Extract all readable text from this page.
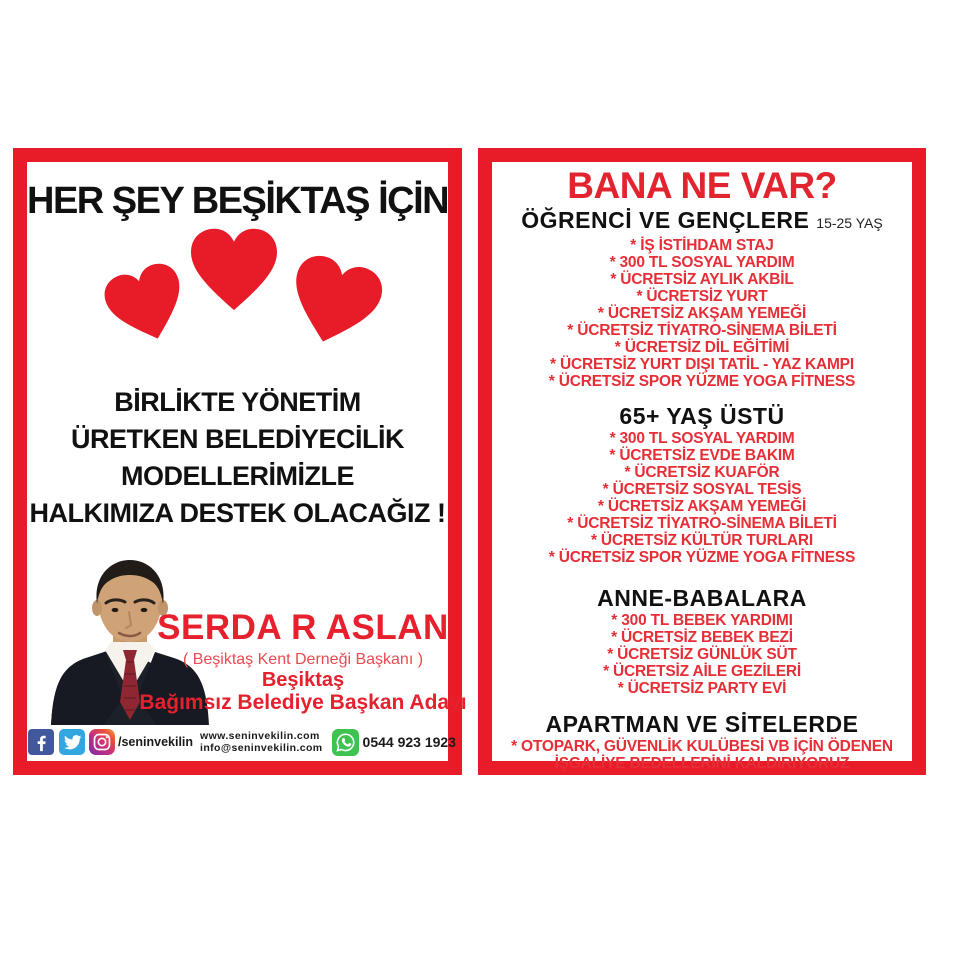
HER ŞEY BEŞİKTAŞ İÇİN
BİRLİKTE YÖNETİM
ÜRETKEN BELEDİYECİLİK
MODELLERİMİZLE
HALKIMIZA DESTEK OLACAĞIZ !
SERDA R ASLAN
( Beşiktaş Kent Derneği Başkanı )
Beşiktaş
Bağımsız Belediye Başkan Adayı
/seninvekilin www.seninvekilin.com
info@seninvekilin.com	0544 923 1923
BANA NE VAR?
ÖĞRENCİ VE GENÇLERE 15-25 YAŞ
* İŞ İSTİHDAM STAJ
* 300 TL SOSYAL YARDIM
* ÜCRETSİZ AYLIK AKBİL
* ÜCRETSİZ YURT
* ÜCRETSİZ AKŞAM YEMEĞİ
* ÜCRETSİZ TİYATRO-SİNEMA BİLETİ
* ÜCRETSİZ DİL EĞİTİMİ
* ÜCRETSİZ YURT DIŞI TATİL - YAZ KAMPI
* ÜCRETSİZ SPOR YÜZME YOGA FİTNESS
65+ YAŞ ÜSTÜ
* 300 TL SOSYAL YARDIM
* ÜCRETSİZ EVDE BAKIM
* ÜCRETSİZ KUAFÖR
* ÜCRETSİZ SOSYAL TESİS
* ÜCRETSİZ AKŞAM YEMEĞİ
* ÜCRETSİZ TİYATRO-SİNEMA BİLETİ
* ÜCRETSİZ KÜLTÜR TURLARI
* ÜCRETSİZ SPOR YÜZME YOGA FİTNESS
ANNE-BABALARA
* 300 TL BEBEK YARDIMI
* ÜCRETSİZ BEBEK BEZİ
* ÜCRETSİZ GÜNLÜK SÜT
* ÜCRETSİZ AİLE GEZİLERİ
* ÜCRETSİZ PARTY EVİ
APARTMAN VE SİTELERDE
* OTOPARK, GÜVENLİK KULÜBESİ VB İÇİN ÖDENEN İŞGALİYE BEDELLERİNİ KALDIRIYORUZ
